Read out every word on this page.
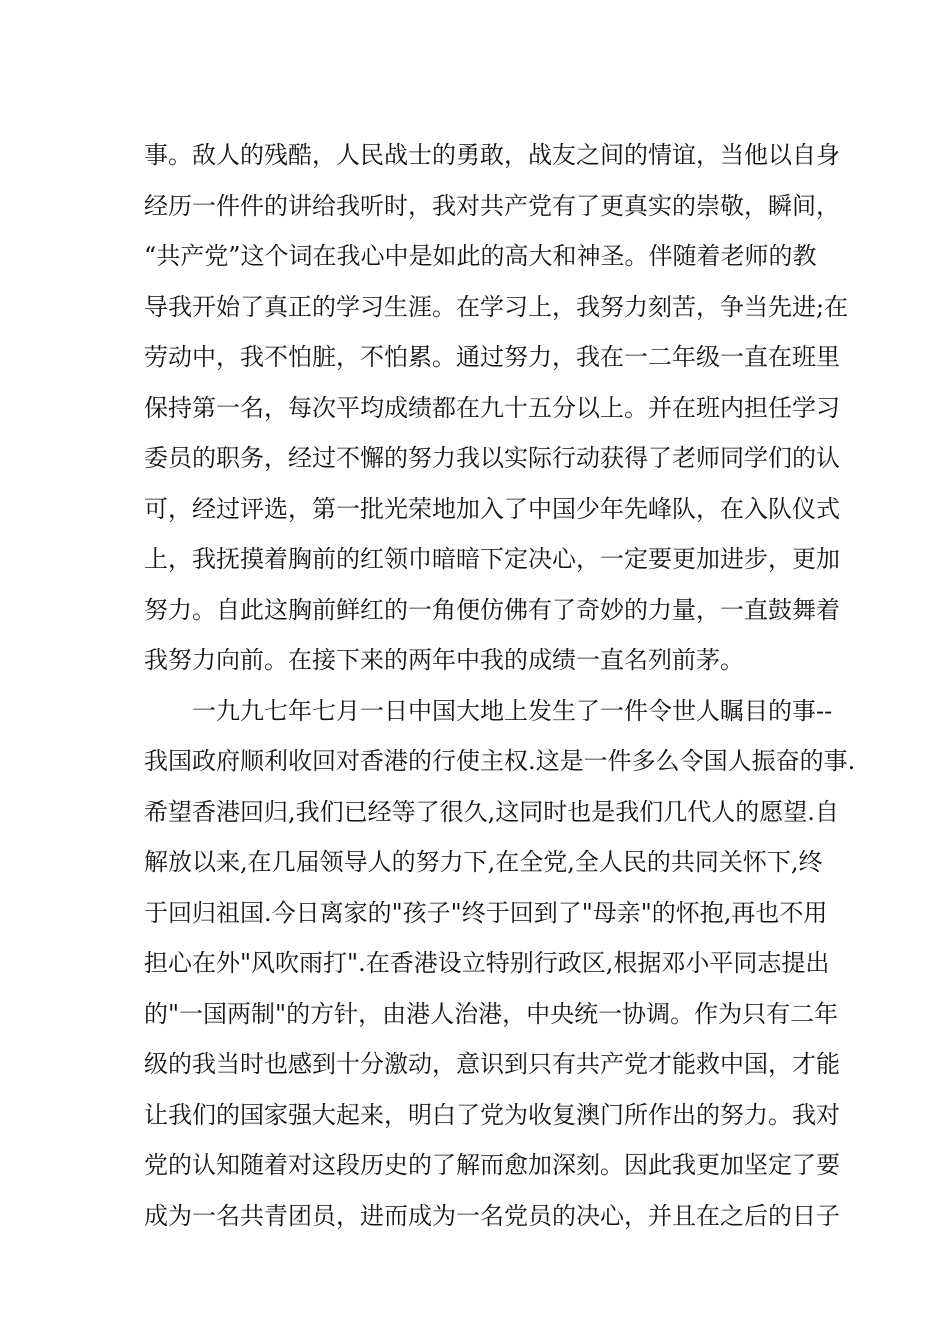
事。敌人的残酷，人民战士的勇敢，战友之间的情谊，当他以自身
经历一件件的讲给我听时，我对共产党有了更真实的崇敬，瞬间，
“共产党”这个词在我心中是如此的高大和神圣。伴随着老师的教
导我开始了真正的学习生涯。在学习上，我努力刻苦，争当先进;在
劳动中，我不怕脏，不怕累。通过努力，我在一二年级一直在班里
保持第一名，每次平均成绩都在九十五分以上。并在班内担任学习
委员的职务，经过不懈的努力我以实际行动获得了老师同学们的认
可，经过评选，第一批光荣地加入了中国少年先峰队，在入队仪式
上，我抚摸着胸前的红领巾暗暗下定决心，一定要更加进步，更加
努力。自此这胸前鲜红的一角便仿佛有了奇妙的力量，一直鼓舞着
我努力向前。在接下来的两年中我的成绩一直名列前茅。
一九九七年七月一日中国大地上发生了一件令世人瞩目的事--
我国政府顺利收回对香港的行使主权.这是一件多么令国人振奋的事.
希望香港回归,我们已经等了很久,这同时也是我们几代人的愿望.自
解放以来,在几届领导人的努力下,在全党,全人民的共同关怀下,终
于回归祖国.今日离家的"孩子"终于回到了"母亲"的怀抱,再也不用
担心在外"风吹雨打".在香港设立特别行政区,根据邓小平同志提出
的"一国两制"的方针，由港人治港，中央统一协调。作为只有二年
级的我当时也感到十分激动，意识到只有共产党才能救中国，才能
让我们的国家强大起来，明白了党为收复澳门所作出的努力。我对
党的认知随着对这段历史的了解而愈加深刻。因此我更加坚定了要
成为一名共青团员，进而成为一名党员的决心，并且在之后的日子
